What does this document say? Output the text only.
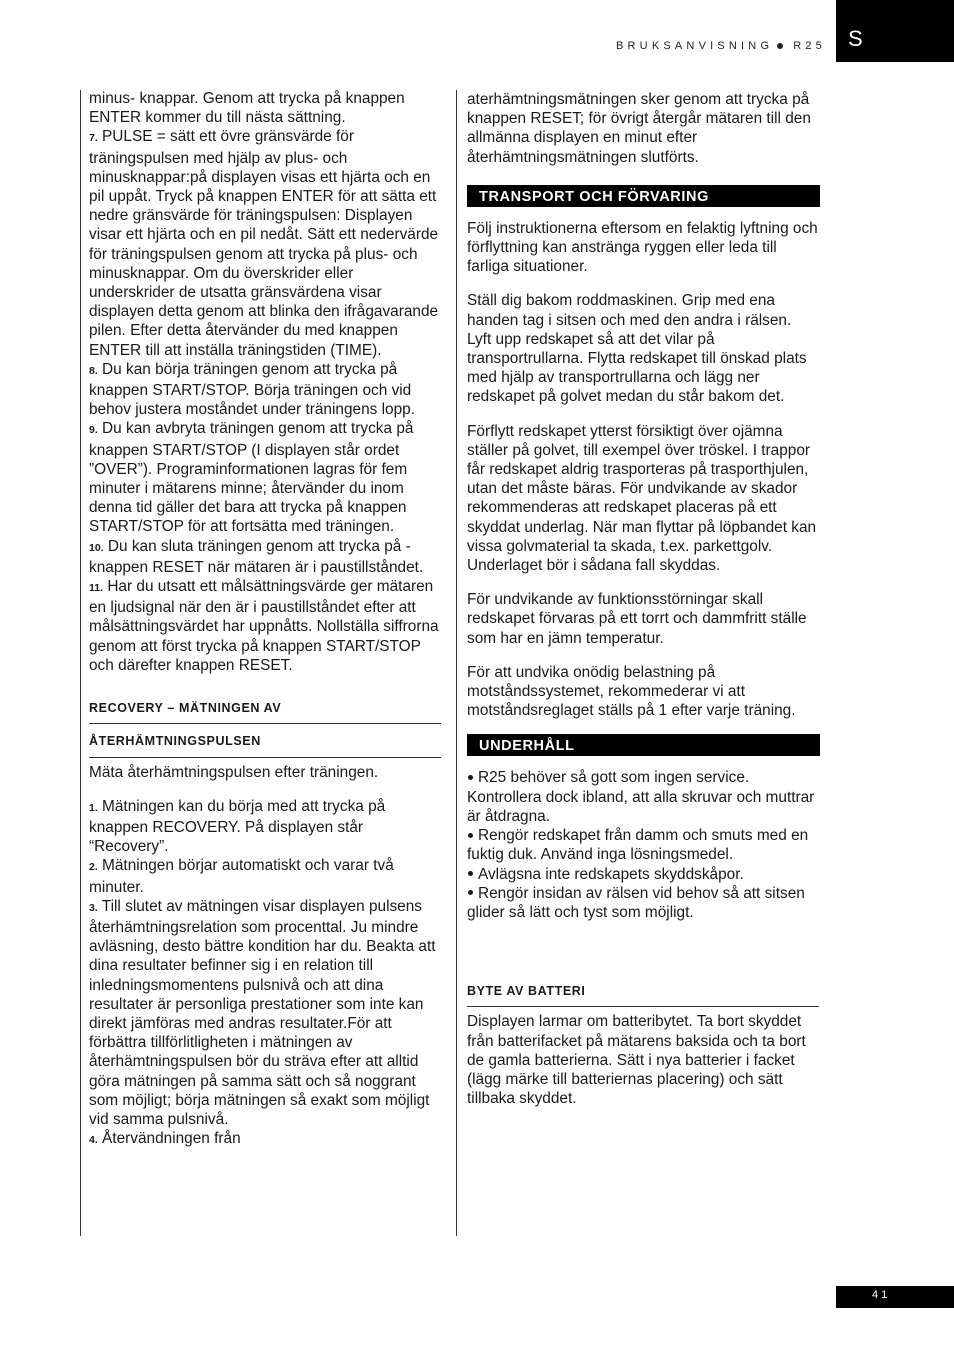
BRUKSANVISNING R25	S

minus- knappar. Genom att trycka på knappen ENTER kommer du till nästa sättning.

7. PULSE = sätt ett övre gränsvärde för träningspulsen med hjälp av plus- och minusknappar:på displayen visas ett hjärta och en pil uppåt. Tryck på knappen ENTER för att sätta ett nedre gränsvärde för träningspulsen: Displayen visar ett hjärta och en pil nedåt. Sätt ett nedervärde för träningspulsen genom att trycka på plus- och minusknappar. Om du överskrider eller underskrider de utsatta gränsvärdena visar displayen detta genom att blinka den ifrågavarande pilen. Efter detta återvänder du med knappen ENTER till att inställa träningstiden (TIME).

8. Du kan börja träningen genom att trycka på knappen START/STOP. Börja träningen och vid behov justera moståndet under träningens lopp.

9. Du kan avbryta träningen genom att trycka på knappen START/STOP (I displayen står ordet ”OVER”). Programinformationen lagras för fem minuter i mätarens minne; återvänder du inom denna tid gäller det bara att trycka på knappen START/STOP för att fortsätta med träningen.

10. Du kan sluta träningen genom att trycka på -knappen RESET när mätaren är i paustillståndet.

11. Har du utsatt ett målsättningsvärde ger mätaren en ljudsignal när den är i paustillståndet efter att målsättningsvärdet har uppnåtts. Nollställa siffrorna genom att först trycka på knappen START/STOP och därefter knappen RESET.

RECOVERY – MÄTNINGEN AV
ÅTERHÄMTNINGSPULSEN

Mäta återhämtningspulsen efter träningen.

1. Mätningen kan du börja med att trycka på knappen RECOVERY. På displayen står “Recovery”.

2. Mätningen börjar automatiskt och varar två minuter.

3. Till slutet av mätningen visar displayen pulsens återhämtningsrelation som procenttal. Ju mindre avläsning, desto bättre kondition har du. Beakta att dina resultater befinner sig i en relation till inledningsmomentens pulsnivå och att dina resultater är personliga prestationer som inte kan direkt jämföras med andras resultater.För att förbättra tillförlitligheten i mätningen av återhämtningspulsen bör du sträva efter att alltid göra mätningen på samma sätt och så noggrant som möjligt; börja mätningen så exakt som möjligt vid samma pulsnivå.

4. Återvändningen från

aterhämtningsmätningen sker genom att trycka på knappen RESET; för övrigt återgår mätaren till den allmänna displayen en minut efter återhämtningsmätningen slutförts.

TRANSPORT OCH FÖRVARING

Följ instruktionerna eftersom en felaktig lyftning och förflyttning kan anstränga ryggen eller leda till farliga situationer.

Ställ dig bakom roddmaskinen. Grip med ena handen tag i sitsen och med den andra i rälsen. Lyft upp redskapet så att det vilar på transportrullarna. Flytta redskapet till önskad plats med hjälp av transportrullarna och lägg ner redskapet på golvet medan du står bakom det.

Förflytt redskapet ytterst försiktigt över ojämna ställer på golvet, till exempel över tröskel. I trappor får redskapet aldrig trasporteras på trasporthjulen, utan det måste bäras. För undvikande av skador rekommenderas att redskapet placeras på ett skyddat underlag. När man flyttar på löpbandet kan vissa golvmaterial ta skada, t.ex. parkettgolv. Underlaget bör i sådana fall skyddas.

För undvikande av funktionsstörningar skall redskapet förvaras på ett torrt och dammfritt ställe som har en jämn temperatur.

För att undvika onödig belastning på motståndssystemet, rekommederar vi att motståndsreglaget ställs på 1 efter varje träning.

UNDERHÅLL

R25 behöver så gott som ingen service. Kontrollera dock ibland, att alla skruvar och muttrar är åtdragna.

Rengör redskapet från damm och smuts med en fuktig duk. Använd inga lösningsmedel.

Avlägsna inte redskapets skyddskåpor.

Rengör insidan av rälsen vid behov så att sitsen glider så lätt och tyst som möjligt.

BYTE AV BATTERI

Displayen larmar om batteribytet. Ta bort skyddet från batterifacket på mätarens baksida och ta bort de gamla batterierna. Sätt i nya batterier i facket (lägg märke till batteriernas placering) och sätt tillbaka skyddet.

41
